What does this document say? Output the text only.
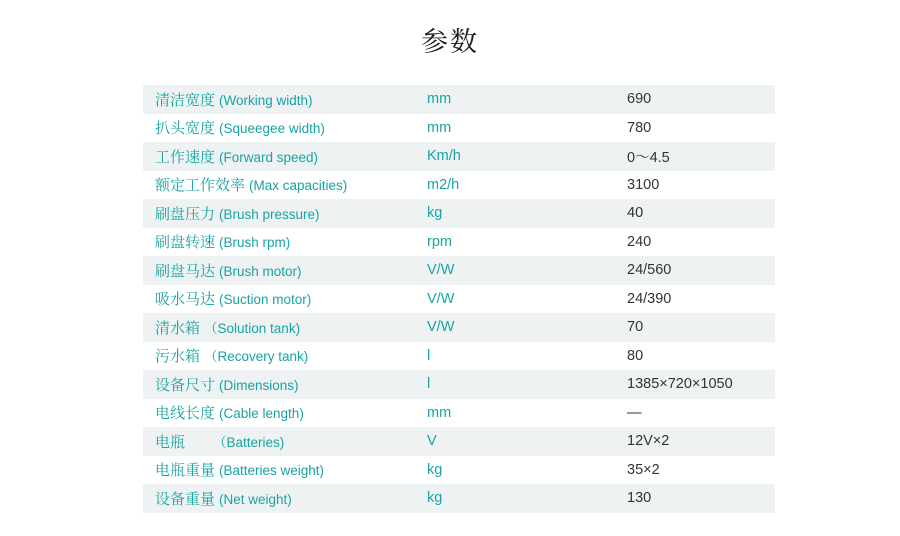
参数
清洁宽度 (Working width)	mm	690
扒头宽度 (Squeegee width)	mm	780
工作速度 (Forward speed)	Km/h	0～4.5
额定工作效率 (Max capacities)	m2/h	3100
刷盘压力 (Brush pressure)	kg	40
刷盘转速 (Brush rpm)	rpm	240
刷盘马达 (Brush motor)	V/W	24/560
吸水马达 (Suction motor)	V/W	24/390
清水箱 （Solution tank)	V/W	70
污水箱 （Recovery tank)	l	80
设备尺寸 (Dimensions)	l	1385×720×1050
电线长度 (Cable length)	mm	—
电瓶 （Batteries)	V	12V×2
电瓶重量 (Batteries weight)	kg	35×2
设备重量 (Net weight)	kg	130
